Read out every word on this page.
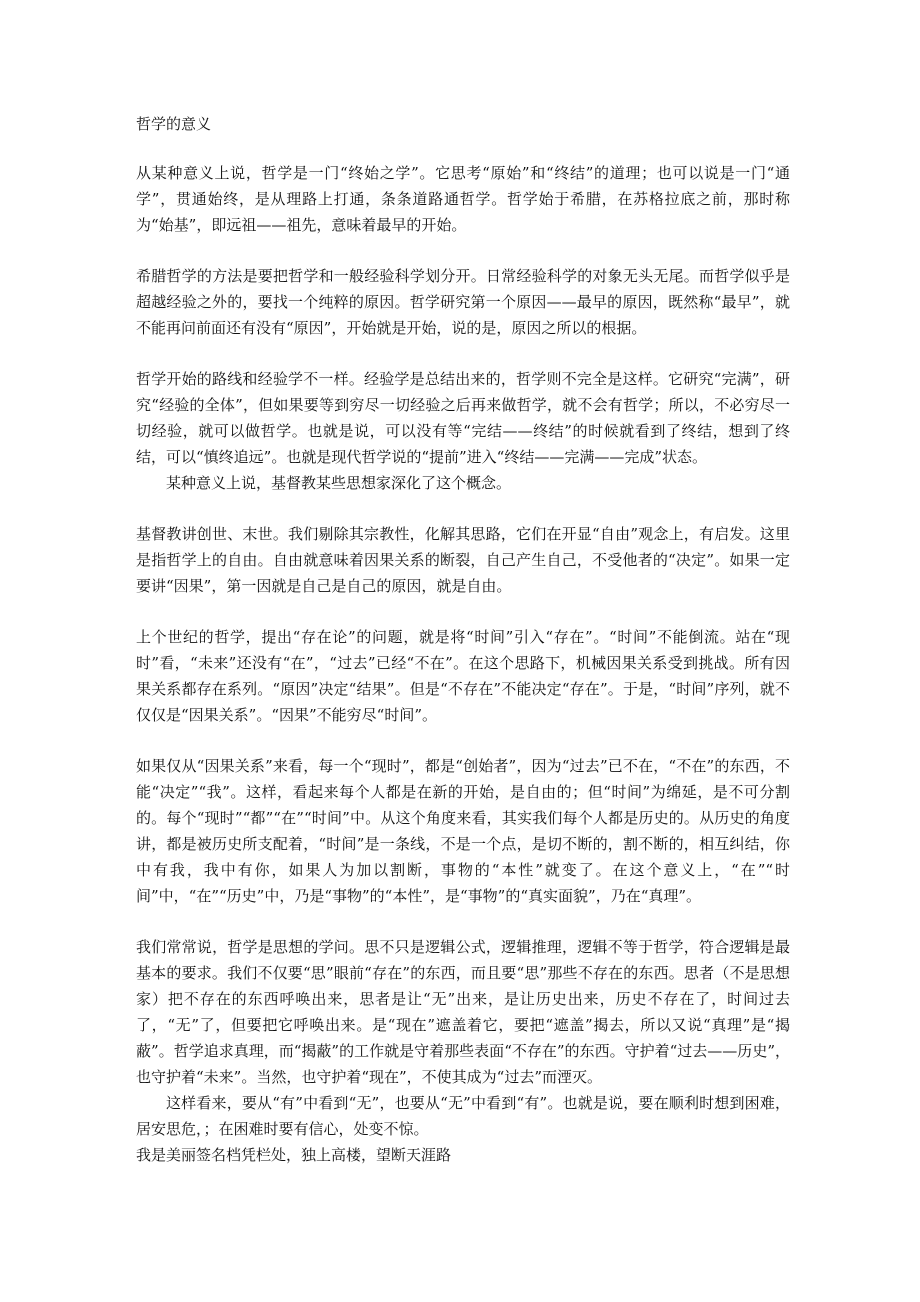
哲学的意义

从某种意义上说，哲学是一门“终始之学”。它思考“原始”和“终结”的道理；也可以说是一门“通学”，贯通始终，是从理路上打通，条条道路通哲学。哲学始于希腊，在苏格拉底之前，那时称为“始基”，即远祖——祖先，意味着最早的开始。

希腊哲学的方法是要把哲学和一般经验科学划分开。日常经验科学的对象无头无尾。而哲学似乎是超越经验之外的，要找一个纯粹的原因。哲学研究第一个原因——最早的原因，既然称“最早”，就不能再问前面还有没有“原因”，开始就是开始，说的是，原因之所以的根据。

哲学开始的路线和经验学不一样。经验学是总结出来的，哲学则不完全是这样。它研究“完满”，研究“经验的全体”，但如果要等到穷尽一切经验之后再来做哲学，就不会有哲学；所以，不必穷尽一切经验，就可以做哲学。也就是说，可以没有等“完结——终结”的时候就看到了终结，想到了终结，可以“慎终追远”。也就是现代哲学说的“提前”进入“终结——完满——完成”状态。

某种意义上说，基督教某些思想家深化了这个概念。

基督教讲创世、末世。我们剔除其宗教性，化解其思路，它们在开显“自由”观念上，有启发。这里是指哲学上的自由。自由就意味着因果关系的断裂，自己产生自己，不受他者的“决定”。如果一定要讲“因果”，第一因就是自己是自己的原因，就是自由。

上个世纪的哲学，提出“存在论”的问题，就是将“时间”引入“存在”。“时间”不能倒流。站在“现时”看，“未来”还没有“在”，“过去”已经“不在”。在这个思路下，机械因果关系受到挑战。所有因果关系都存在系列。“原因”决定“结果”。但是“不存在”不能决定“存在”。于是，“时间”序列，就不仅仅是“因果关系”。“因果”不能穷尽“时间”。

如果仅从“因果关系”来看，每一个“现时”，都是“创始者”，因为“过去”已不在，“不在”的东西，不能“决定”“我”。这样，看起来每个人都是在新的开始，是自由的；但“时间”为绵延，是不可分割的。每个“现时”“都”“在”“时间”中。从这个角度来看，其实我们每个人都是历史的。从历史的角度讲，都是被历史所支配着，“时间”是一条线，不是一个点，是切不断的，割不断的，相互纠结，你中有我，我中有你，如果人为加以割断，事物的“本性”就变了。在这个意义上，“在”“时间”中，“在”“历史”中，乃是“事物”的“本性”，是“事物”的“真实面貌”，乃在“真理”。

我们常常说，哲学是思想的学问。思不只是逻辑公式，逻辑推理，逻辑不等于哲学，符合逻辑是最基本的要求。我们不仅要“思”眼前“存在”的东西，而且要“思”那些不存在的东西。思者（不是思想家）把不存在的东西呼唤出来，思者是让“无”出来，是让历史出来，历史不存在了，时间过去了，“无”了，但要把它呼唤出来。是“现在”遮盖着它，要把“遮盖”揭去，所以又说“真理”是“揭蔽”。哲学追求真理，而“揭蔽”的工作就是守着那些表面“不存在”的东西。守护着“过去——历史”，也守护着“未来”。当然，也守护着“现在”，不使其成为“过去”而湮灭。

这样看来，要从“有”中看到“无”，也要从“无”中看到“有”。也就是说，要在顺利时想到困难，居安思危，；在困难时要有信心，处变不惊。

我是美丽签名档凭栏处，独上高楼，望断天涯路
